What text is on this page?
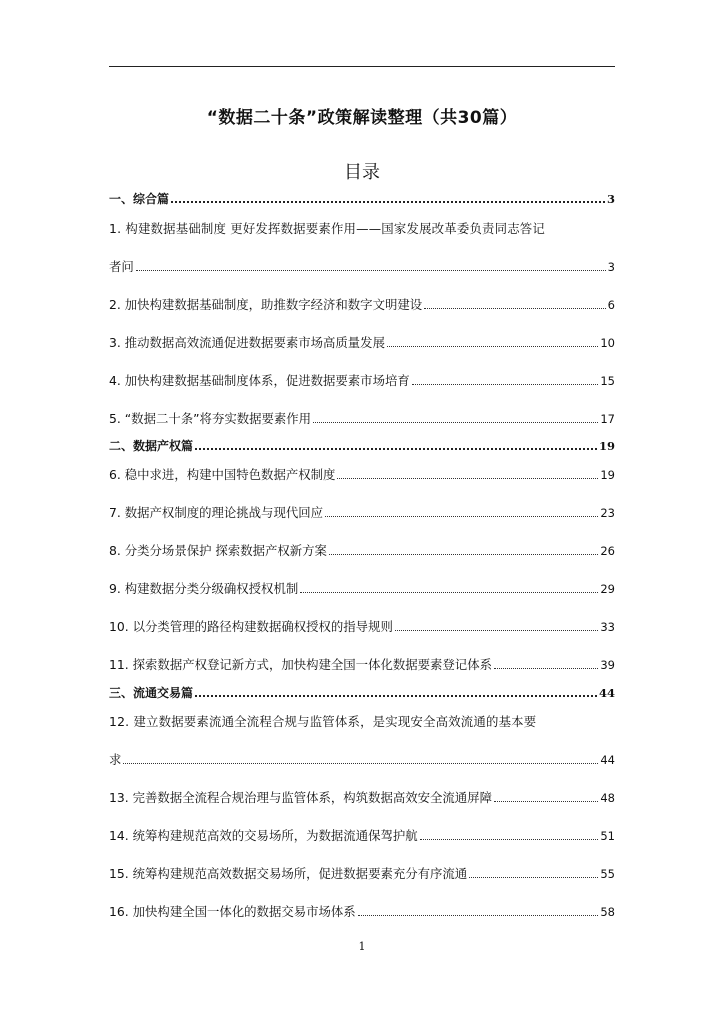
“数据二十条”政策解读整理（共30篇）
目录
一、综合篇	3
1. 构建数据基础制度 更好发挥数据要素作用——国家发展改革委负责同志答记
者问	3
2. 加快构建数据基础制度，助推数字经济和数字文明建设	6
3. 推动数据高效流通促进数据要素市场高质量发展	10
4. 加快构建数据基础制度体系，促进数据要素市场培育	15
5. “数据二十条”将夯实数据要素作用	17
二、数据产权篇	19
6. 稳中求进，构建中国特色数据产权制度	19
7. 数据产权制度的理论挑战与现代回应	23
8. 分类分场景保护 探索数据产权新方案	26
9. 构建数据分类分级确权授权机制	29
10. 以分类管理的路径构建数据确权授权的指导规则	33
11. 探索数据产权登记新方式，加快构建全国一体化数据要素登记体系	39
三、流通交易篇	44
12. 建立数据要素流通全流程合规与监管体系，是实现安全高效流通的基本要
求	44
13. 完善数据全流程合规治理与监管体系，构筑数据高效安全流通屏障	48
14. 统筹构建规范高效的交易场所，为数据流通保驾护航	51
15. 统筹构建规范高效数据交易场所，促进数据要素充分有序流通	55
16. 加快构建全国一体化的数据交易市场体系	58
1
